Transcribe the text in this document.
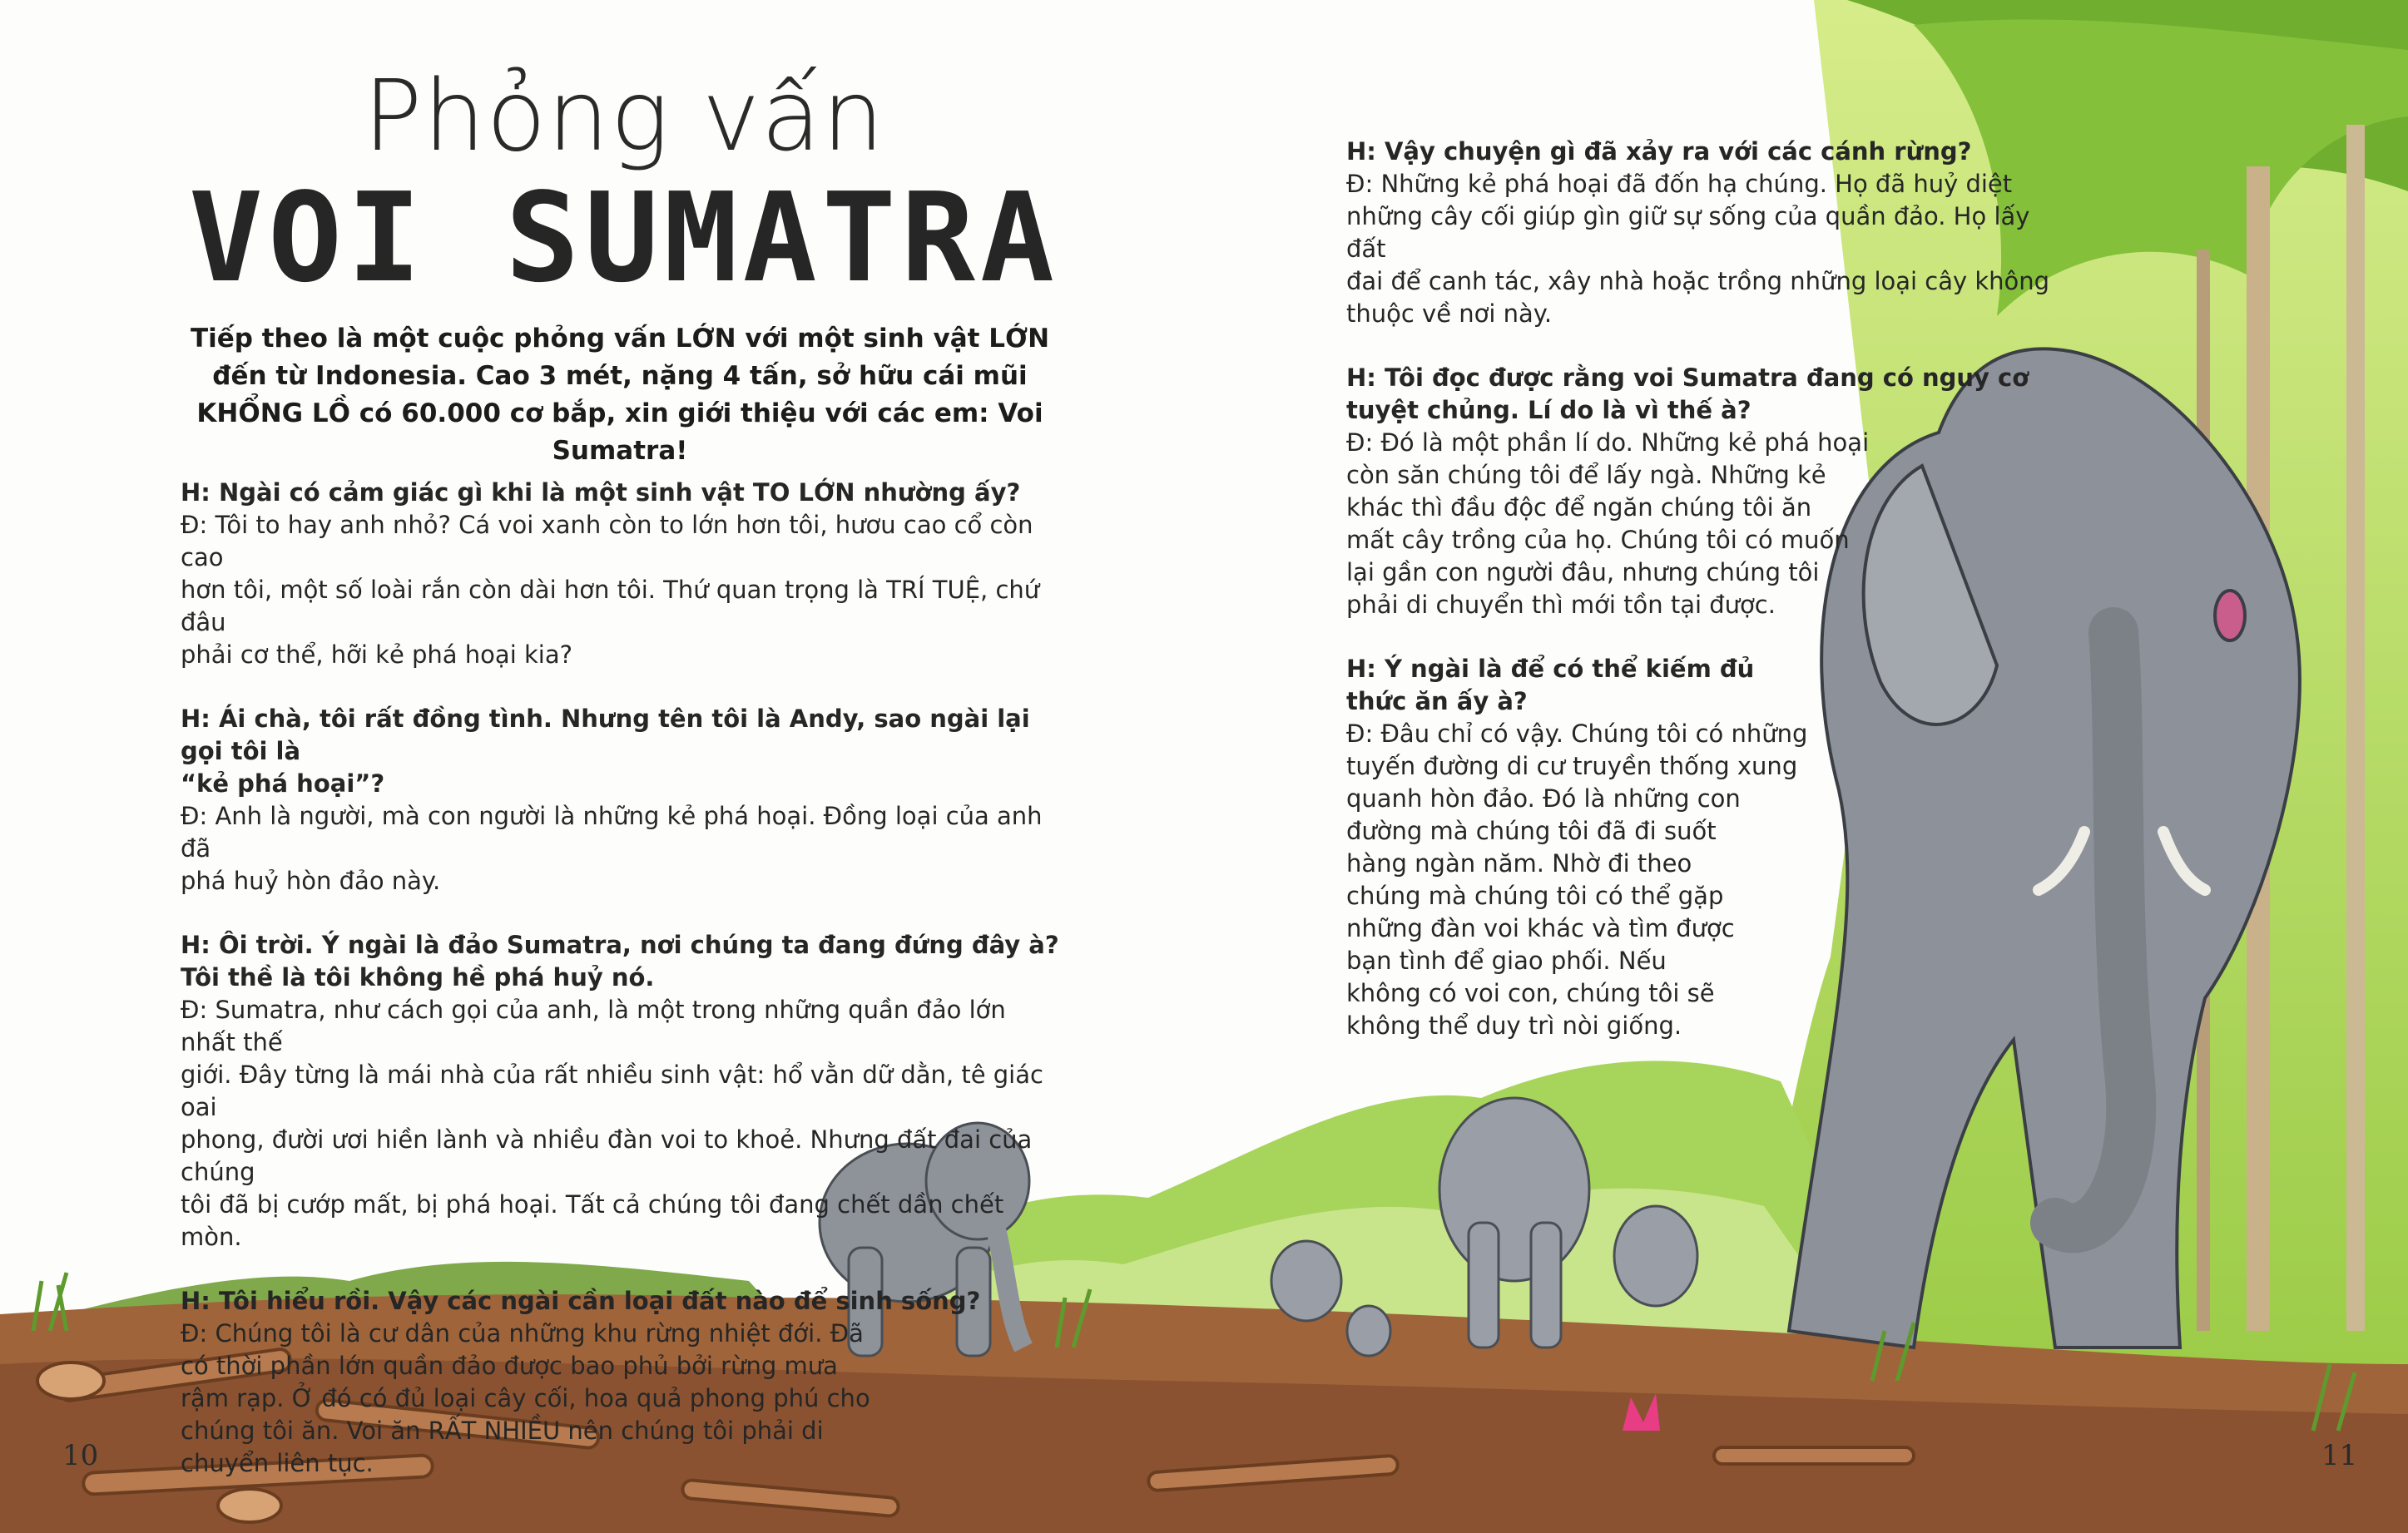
Phỏng vấn
VOI SUMATRA
Tiếp theo là một cuộc phỏng vấn LỚN với một sinh vật LỚN đến từ Indonesia. Cao 3 mét, nặng 4 tấn, sở hữu cái mũi KHỔNG LỒ có 60.000 cơ bắp, xin giới thiệu với các em: Voi Sumatra!
H: Ngài có cảm giác gì khi là một sinh vật TO LỚN nhường ấy?
Đ: Tôi to hay anh nhỏ? Cá voi xanh còn to lớn hơn tôi, hươu cao cổ còn cao
hơn tôi, một số loài rắn còn dài hơn tôi. Thứ quan trọng là TRÍ TUỆ, chứ đâu
phải cơ thể, hỡi kẻ phá hoại kia?
H: Ái chà, tôi rất đồng tình. Nhưng tên tôi là Andy, sao ngài lại gọi tôi là
“kẻ phá hoại”?
Đ: Anh là người, mà con người là những kẻ phá hoại. Đồng loại của anh đã
phá huỷ hòn đảo này.
H: Ôi trời. Ý ngài là đảo Sumatra, nơi chúng ta đang đứng đây à?
Tôi thề là tôi không hề phá huỷ nó.
Đ: Sumatra, như cách gọi của anh, là một trong những quần đảo lớn nhất thế
giới. Đây từng là mái nhà của rất nhiều sinh vật: hổ vằn dữ dằn, tê giác oai
phong, đười ươi hiền lành và nhiều đàn voi to khoẻ. Nhưng đất đai của chúng
tôi đã bị cướp mất, bị phá hoại. Tất cả chúng tôi đang chết dần chết mòn.
H: Tôi hiểu rồi. Vậy các ngài cần loại đất nào để sinh sống?
Đ: Chúng tôi là cư dân của những khu rừng nhiệt đới. Đã
có thời phần lớn quần đảo được bao phủ bởi rừng mưa
rậm rạp. Ở đó có đủ loại cây cối, hoa quả phong phú cho
chúng tôi ăn. Voi ăn RẤT NHIỀU nên chúng tôi phải di
chuyển liên tục.
H: Vậy chuyện gì đã xảy ra với các cánh rừng?
Đ: Những kẻ phá hoại đã đốn hạ chúng. Họ đã huỷ diệt
những cây cối giúp gìn giữ sự sống của quần đảo. Họ lấy đất
đai để canh tác, xây nhà hoặc trồng những loại cây không
thuộc về nơi này.
H: Tôi đọc được rằng voi Sumatra đang có nguy cơ
tuyệt chủng. Lí do là vì thế à?
Đ: Đó là một phần lí do. Những kẻ phá hoại
còn săn chúng tôi để lấy ngà. Những kẻ
khác thì đầu độc để ngăn chúng tôi ăn
mất cây trồng của họ. Chúng tôi có muốn
lại gần con người đâu, nhưng chúng tôi
phải di chuyển thì mới tồn tại được.
H: Ý ngài là để có thể kiếm đủ
thức ăn ấy à?
Đ: Đâu chỉ có vậy. Chúng tôi có những
tuyến đường di cư truyền thống xung
quanh hòn đảo. Đó là những con
đường mà chúng tôi đã đi suốt
hàng ngàn năm. Nhờ đi theo
chúng mà chúng tôi có thể gặp
những đàn voi khác và tìm được
bạn tình để giao phối. Nếu
không có voi con, chúng tôi sẽ
không thể duy trì nòi giống.
10	11
